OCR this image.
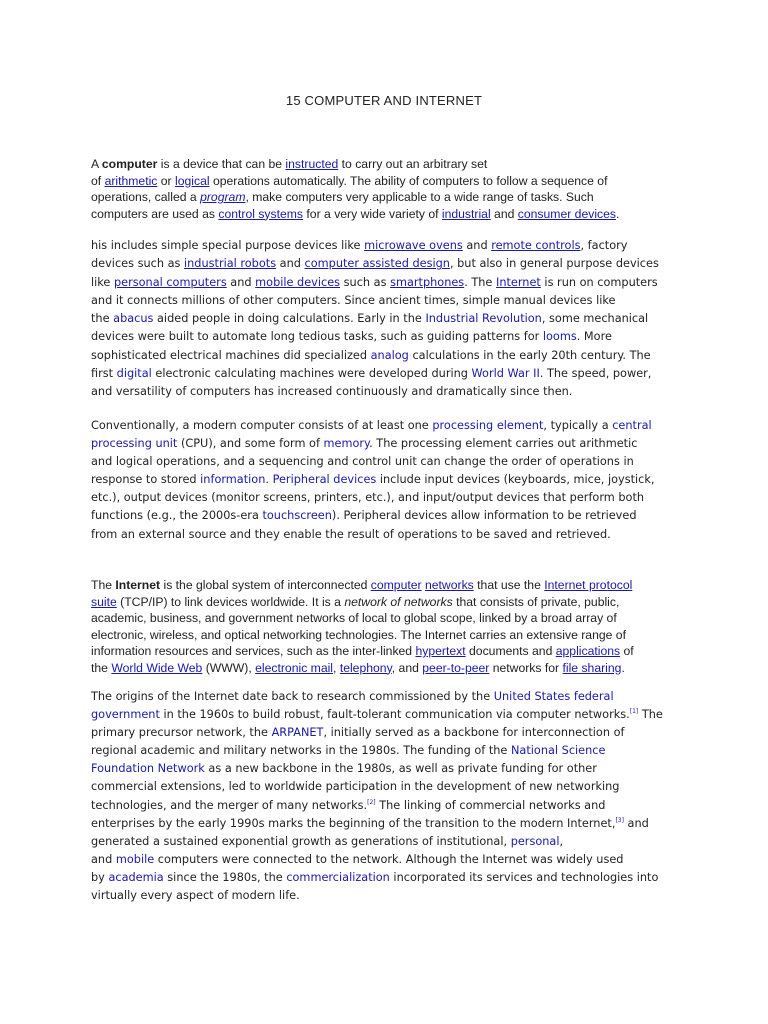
15 COMPUTER AND INTERNET
A computer is a device that can be instructed to carry out an arbitrary set
of arithmetic or logical operations automatically. The ability of computers to follow a sequence of
operations, called a program, make computers very applicable to a wide range of tasks. Such
computers are used as control systems for a very wide variety of industrial and consumer devices.
his includes simple special purpose devices like microwave ovens and remote controls, factory
devices such as industrial robots and computer assisted design, but also in general purpose devices
like personal computers and mobile devices such as smartphones. The Internet is run on computers
and it connects millions of other computers. Since ancient times, simple manual devices like
the abacus aided people in doing calculations. Early in the Industrial Revolution, some mechanical
devices were built to automate long tedious tasks, such as guiding patterns for looms. More
sophisticated electrical machines did specialized analog calculations in the early 20th century. The
first digital electronic calculating machines were developed during World War II. The speed, power,
and versatility of computers has increased continuously and dramatically since then.
Conventionally, a modern computer consists of at least one processing element, typically a central
processing unit (CPU), and some form of memory. The processing element carries out arithmetic
and logical operations, and a sequencing and control unit can change the order of operations in
response to stored information. Peripheral devices include input devices (keyboards, mice, joystick,
etc.), output devices (monitor screens, printers, etc.), and input/output devices that perform both
functions (e.g., the 2000s-era touchscreen). Peripheral devices allow information to be retrieved
from an external source and they enable the result of operations to be saved and retrieved.
The Internet is the global system of interconnected computer networks that use the Internet protocol
suite (TCP/IP) to link devices worldwide. It is a network of networks that consists of private, public,
academic, business, and government networks of local to global scope, linked by a broad array of
electronic, wireless, and optical networking technologies. The Internet carries an extensive range of
information resources and services, such as the inter-linked hypertext documents and applications of
the World Wide Web (WWW), electronic mail, telephony, and peer-to-peer networks for file sharing.
The origins of the Internet date back to research commissioned by the United States federal
government in the 1960s to build robust, fault-tolerant communication via computer networks.[1] The
primary precursor network, the ARPANET, initially served as a backbone for interconnection of
regional academic and military networks in the 1980s. The funding of the National Science
Foundation Network as a new backbone in the 1980s, as well as private funding for other
commercial extensions, led to worldwide participation in the development of new networking
technologies, and the merger of many networks.[2] The linking of commercial networks and
enterprises by the early 1990s marks the beginning of the transition to the modern Internet,[3] and
generated a sustained exponential growth as generations of institutional, personal,
and mobile computers were connected to the network. Although the Internet was widely used
by academia since the 1980s, the commercialization incorporated its services and technologies into
virtually every aspect of modern life.
